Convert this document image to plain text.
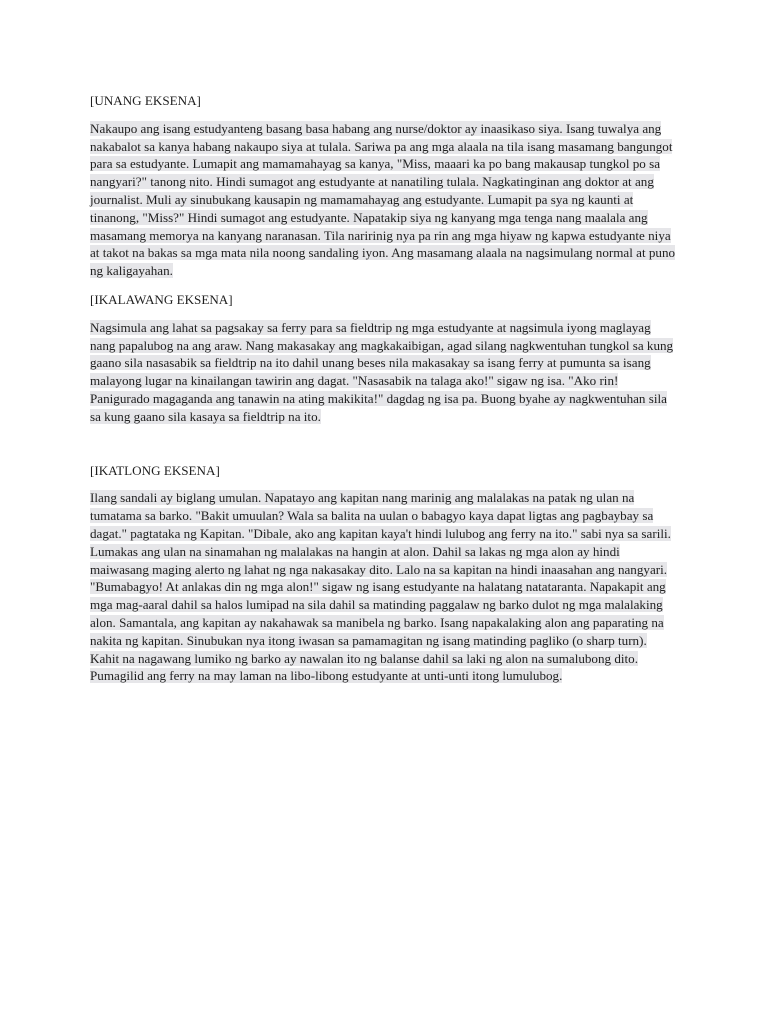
[UNANG EKSENA]

Nakaupo ang isang estudyanteng basang basa habang ang nurse/doktor ay inaasikaso siya. Isang tuwalya ang nakabalot sa kanya habang nakaupo siya at tulala. Sariwa pa ang mga alaala na tila isang masamang bangungot para sa estudyante. Lumapit ang mamamahayag sa kanya, "Miss, maaari ka po bang makausap tungkol po sa nangyari?" tanong nito. Hindi sumagot ang estudyante at nanatiling tulala. Nagkatinginan ang doktor at ang journalist. Muli ay sinubukang kausapin ng mamamahayag ang estudyante. Lumapit pa sya ng kaunti at tinanong, "Miss?" Hindi sumagot ang estudyante. Napatakip siya ng kanyang mga tenga nang maalala ang masamang memorya na kanyang naranasan. Tila naririnig nya pa rin ang mga hiyaw ng kapwa estudyante niya at takot na bakas sa mga mata nila noong sandaling iyon. Ang masamang alaala na nagsimulang normal at puno ng kaligayahan.

[IKALAWANG EKSENA]

Nagsimula ang lahat sa pagsakay sa ferry para sa fieldtrip ng mga estudyante at nagsimula iyong maglayag nang papalubog na ang araw. Nang makasakay ang magkakaibigan, agad silang nagkwentuhan tungkol sa kung gaano sila nasasabik sa fieldtrip na ito dahil unang beses nila makasakay sa isang ferry at pumunta sa isang malayong lugar na kinailangan tawirin ang dagat. "Nasasabik na talaga ako!" sigaw ng isa. "Ako rin! Panigurado magaganda ang tanawin na ating makikita!" dagdag ng isa pa. Buong byahe ay nagkwentuhan sila sa kung gaano sila kasaya sa fieldtrip na ito.

[IKATLONG EKSENA]

Ilang sandali ay biglang umulan. Napatayo ang kapitan nang marinig ang malalakas na patak ng ulan na tumatama sa barko. "Bakit umuulan? Wala sa balita na uulan o babagyo kaya dapat ligtas ang pagbaybay sa dagat." pagtataka ng Kapitan. "Dibale, ako ang kapitan kaya't hindi lulubog ang ferry na ito." sabi nya sa sarili. Lumakas ang ulan na sinamahan ng malalakas na hangin at alon. Dahil sa lakas ng mga alon ay hindi maiwasang maging alerto ng lahat ng nga nakasakay dito. Lalo na sa kapitan na hindi inaasahan ang nangyari. "Bumabagyo! At anlakas din ng mga alon!" sigaw ng isang estudyante na halatang natataranta. Napakapit ang mga mag-aaral dahil sa halos lumipad na sila dahil sa matinding paggalaw ng barko dulot ng mga malalaking alon. Samantala, ang kapitan ay nakahawak sa manibela ng barko. Isang napakalaking alon ang paparating na nakita ng kapitan. Sinubukan nya itong iwasan sa pamamagitan ng isang matinding pagliko (o sharp turn). Kahit na nagawang lumiko ng barko ay nawalan ito ng balanse dahil sa laki ng alon na sumalubong dito. Pumagilid ang ferry na may laman na libo-libong estudyante at unti-unti itong lumulubog.
